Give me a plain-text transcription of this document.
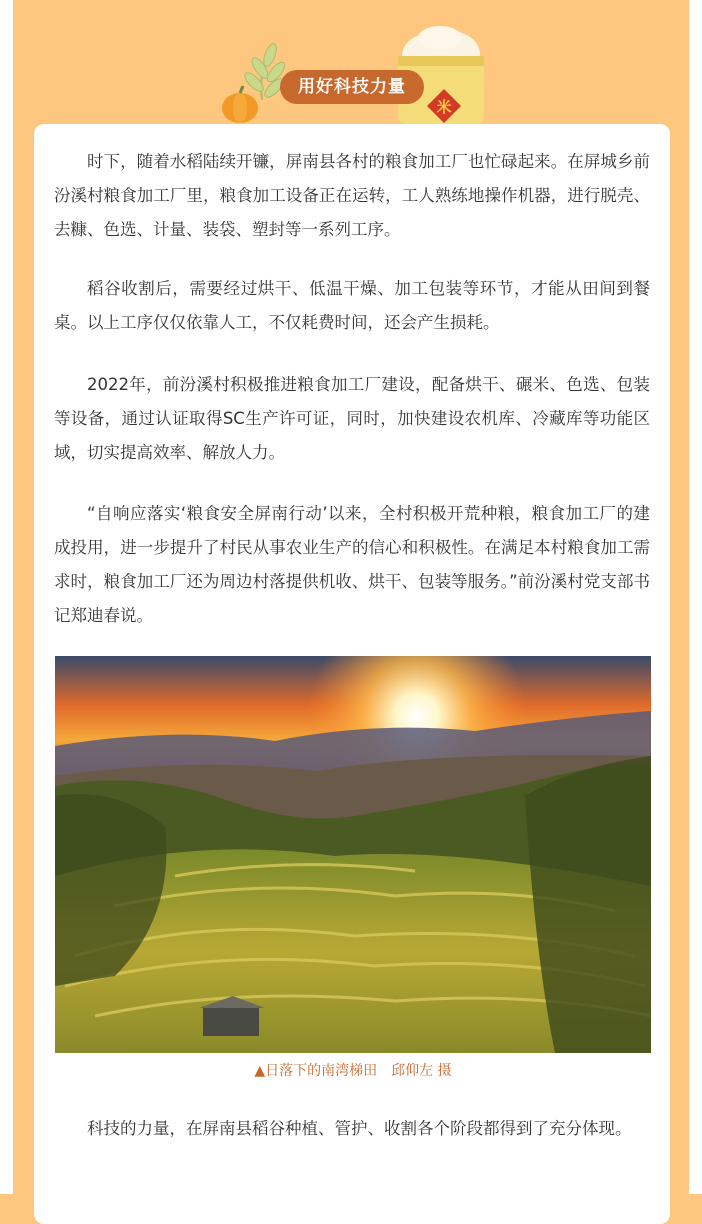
用好科技力量
米

时下，随着水稻陆续开镰，屏南县各村的粮食加工厂也忙碌起来。在屏城乡前汾溪村粮食加工厂里，粮食加工设备正在运转，工人熟练地操作机器，进行脱壳、去糠、色选、计量、装袋、塑封等一系列工序。

稻谷收割后，需要经过烘干、低温干燥、加工包装等环节，才能从田间到餐桌。以上工序仅仅依靠人工，不仅耗费时间，还会产生损耗。

2022年，前汾溪村积极推进粮食加工厂建设，配备烘干、碾米、色选、包装等设备，通过认证取得SC生产许可证，同时，加快建设农机库、冷藏库等功能区域，切实提高效率、解放人力。

“自响应落实‘粮食安全屏南行动’以来，全村积极开荒种粮，粮食加工厂的建成投用，进一步提升了村民从事农业生产的信心和积极性。在满足本村粮食加工需求时，粮食加工厂还为周边村落提供机收、烘干、包装等服务。”前汾溪村党支部书记郑迪春说。

▲日落下的南湾梯田　邱仰左 摄

科技的力量，在屏南县稻谷种植、管护、收割各个阶段都得到了充分体现。
